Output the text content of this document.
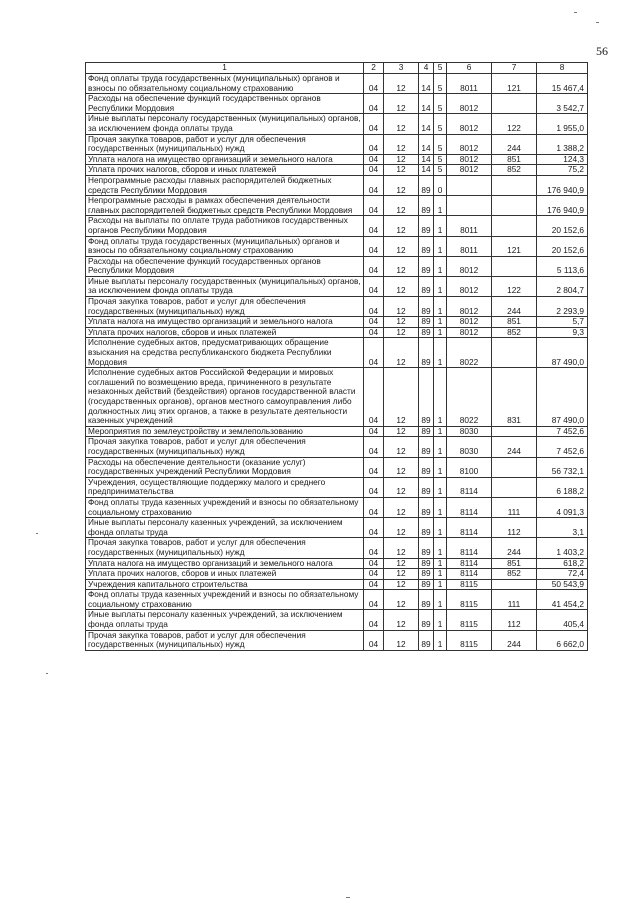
56
1	2	3	4	5	6	7	8
Фонд оплаты труда государственных (муниципальных) органов и взносы по обязательному социальному страхованию	04	12	14	5	8011	121	15 467,4
Расходы на обеспечение функций государственных органов Республики Мордовия	04	12	14	5	8012		3 542,7
Иные выплаты персоналу государственных (муниципальных) органов, за исключением фонда оплаты труда	04	12	14	5	8012	122	1 955,0
Прочая закупка товаров, работ и услуг для обеспечения государственных (муниципальных) нужд	04	12	14	5	8012	244	1 388,2
Уплата налога на имущество организаций и земельного налога	04	12	14	5	8012	851	124,3
Уплата прочих налогов, сборов и иных платежей	04	12	14	5	8012	852	75,2
Непрограммные расходы главных распорядителей бюджетных средств Республики Мордовия	04	12	89	0			176 940,9
Непрограммные расходы в рамках обеспечения деятельности главных распорядителей бюджетных средств Республики Мордовия	04	12	89	1			176 940,9
Расходы на выплаты по оплате труда работников государственных органов Республики Мордовия	04	12	89	1	8011		20 152,6
Фонд оплаты труда государственных (муниципальных) органов и взносы по обязательному социальному страхованию	04	12	89	1	8011	121	20 152,6
Расходы на обеспечение функций государственных органов Республики Мордовия	04	12	89	1	8012		5 113,6
Иные выплаты персоналу государственных (муниципальных) органов, за исключением фонда оплаты труда	04	12	89	1	8012	122	2 804,7
Прочая закупка товаров, работ и услуг для обеспечения государственных (муниципальных) нужд	04	12	89	1	8012	244	2 293,9
Уплата налога на имущество организаций и земельного налога	04	12	89	1	8012	851	5,7
Уплата прочих налогов, сборов и иных платежей	04	12	89	1	8012	852	9,3
Исполнение судебных актов, предусматривающих обращение взыскания на средства республиканского бюджета Республики Мордовия	04	12	89	1	8022		87 490,0
Исполнение судебных актов Российской Федерации и мировых соглашений по возмещению вреда, причиненного в результате незаконных действий (бездействия) органов государственной власти (государственных органов), органов местного самоуправления либо должностных лиц этих органов, а также в результате деятельности казенных учреждений	04	12	89	1	8022	831	87 490,0
Мероприятия по землеустройству и землепользованию	04	12	89	1	8030		7 452,6
Прочая закупка товаров, работ и услуг для обеспечения государственных (муниципальных) нужд	04	12	89	1	8030	244	7 452,6
Расходы на обеспечение деятельности (оказание услуг) государственных учреждений Республики Мордовия	04	12	89	1	8100		56 732,1
Учреждения, осуществляющие поддержку малого и среднего предпринимательства	04	12	89	1	8114		6 188,2
Фонд оплаты труда казенных учреждений и взносы по обязательному социальному страхованию	04	12	89	1	8114	111	4 091,3
Иные выплаты персоналу казенных учреждений, за исключением фонда оплаты труда	04	12	89	1	8114	112	3,1
Прочая закупка товаров, работ и услуг для обеспечения государственных (муниципальных) нужд	04	12	89	1	8114	244	1 403,2
Уплата налога на имущество организаций и земельного налога	04	12	89	1	8114	851	618,2
Уплата прочих налогов, сборов и иных платежей	04	12	89	1	8114	852	72,4
Учреждения капитального строительства	04	12	89	1	8115		50 543,9
Фонд оплаты труда казенных учреждений и взносы по обязательному социальному страхованию	04	12	89	1	8115	111	41 454,2
Иные выплаты персоналу казенных учреждений, за исключением фонда оплаты труда	04	12	89	1	8115	112	405,4
Прочая закупка товаров, работ и услуг для обеспечения государственных (муниципальных) нужд	04	12	89	1	8115	244	6 662,0
